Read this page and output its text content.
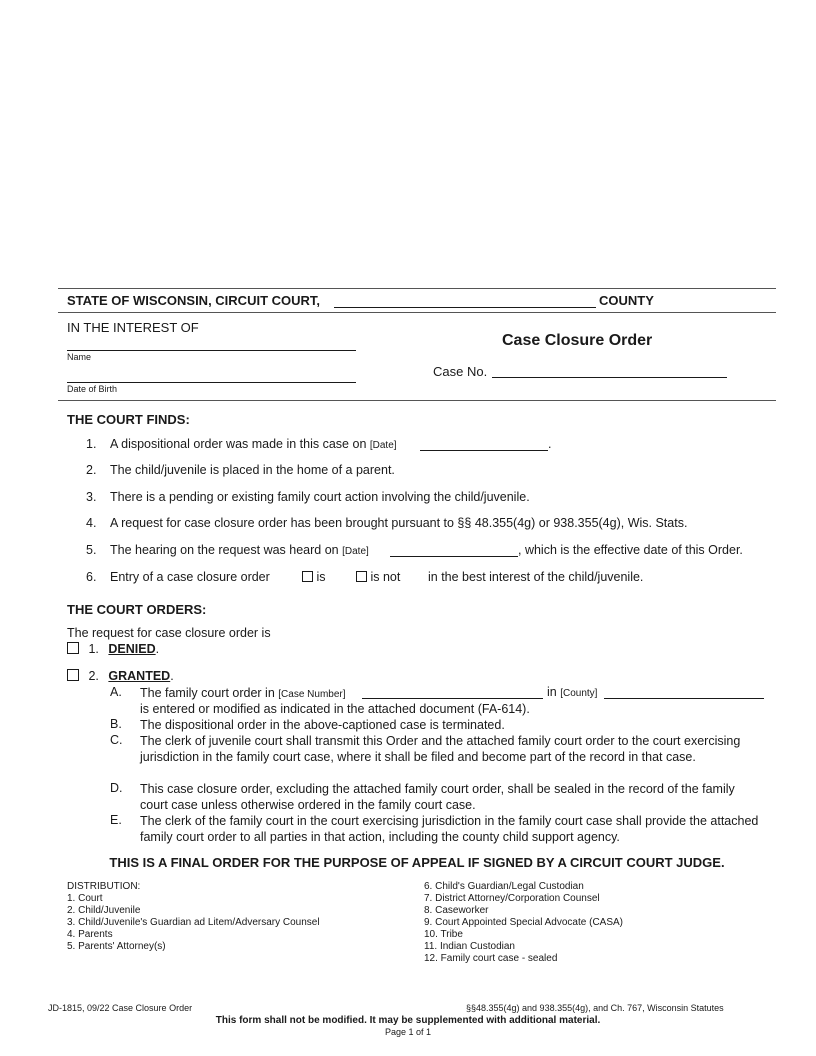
STATE OF WISCONSIN, CIRCUIT COURT,	COUNTY
IN THE INTEREST OF
Name
Date of Birth
Case Closure Order
Case No.
THE COURT FINDS:
1. A dispositional order was made in this case on [Date]	.
2. The child/juvenile is placed in the home of a parent.
3. There is a pending or existing family court action involving the child/juvenile.
4. A request for case closure order has been brought pursuant to §§ 48.355(4g) or 938.355(4g), Wis. Stats.
5. The hearing on the request was heard on [Date]	, which is the effective date of this Order.
6. Entry of a case closure order	is	is not in the best interest of the child/juvenile.
THE COURT ORDERS:
The request for case closure order is
1. DENIED.
2. GRANTED.
A. The family court order in [Case Number]	in [County]
is entered or modified as indicated in the attached document (FA-614).
B. The dispositional order in the above-captioned case is terminated.
C. The clerk of juvenile court shall transmit this Order and the attached family court order to the court exercising jurisdiction in the family court case, where it shall be filed and become part of the record in that case.
D. This case closure order, excluding the attached family court order, shall be sealed in the record of the family court case unless otherwise ordered in the family court case.
E. The clerk of the family court in the court exercising jurisdiction in the family court case shall provide the attached family court order to all parties in that action, including the county child support agency.
THIS IS A FINAL ORDER FOR THE PURPOSE OF APPEAL IF SIGNED BY A CIRCUIT COURT JUDGE.
DISTRIBUTION:
1. Court
2. Child/Juvenile
3. Child/Juvenile's Guardian ad Litem/Adversary Counsel
4. Parents
5. Parents' Attorney(s)
6. Child's Guardian/Legal Custodian
7. District Attorney/Corporation Counsel
8. Caseworker
9. Court Appointed Special Advocate (CASA)
10. Tribe
11. Indian Custodian
12. Family court case - sealed
JD-1815, 09/22 Case Closure Order	§§48.355(4g) and 938.355(4g), and Ch. 767, Wisconsin Statutes
This form shall not be modified. It may be supplemented with additional material.
Page 1 of 1
